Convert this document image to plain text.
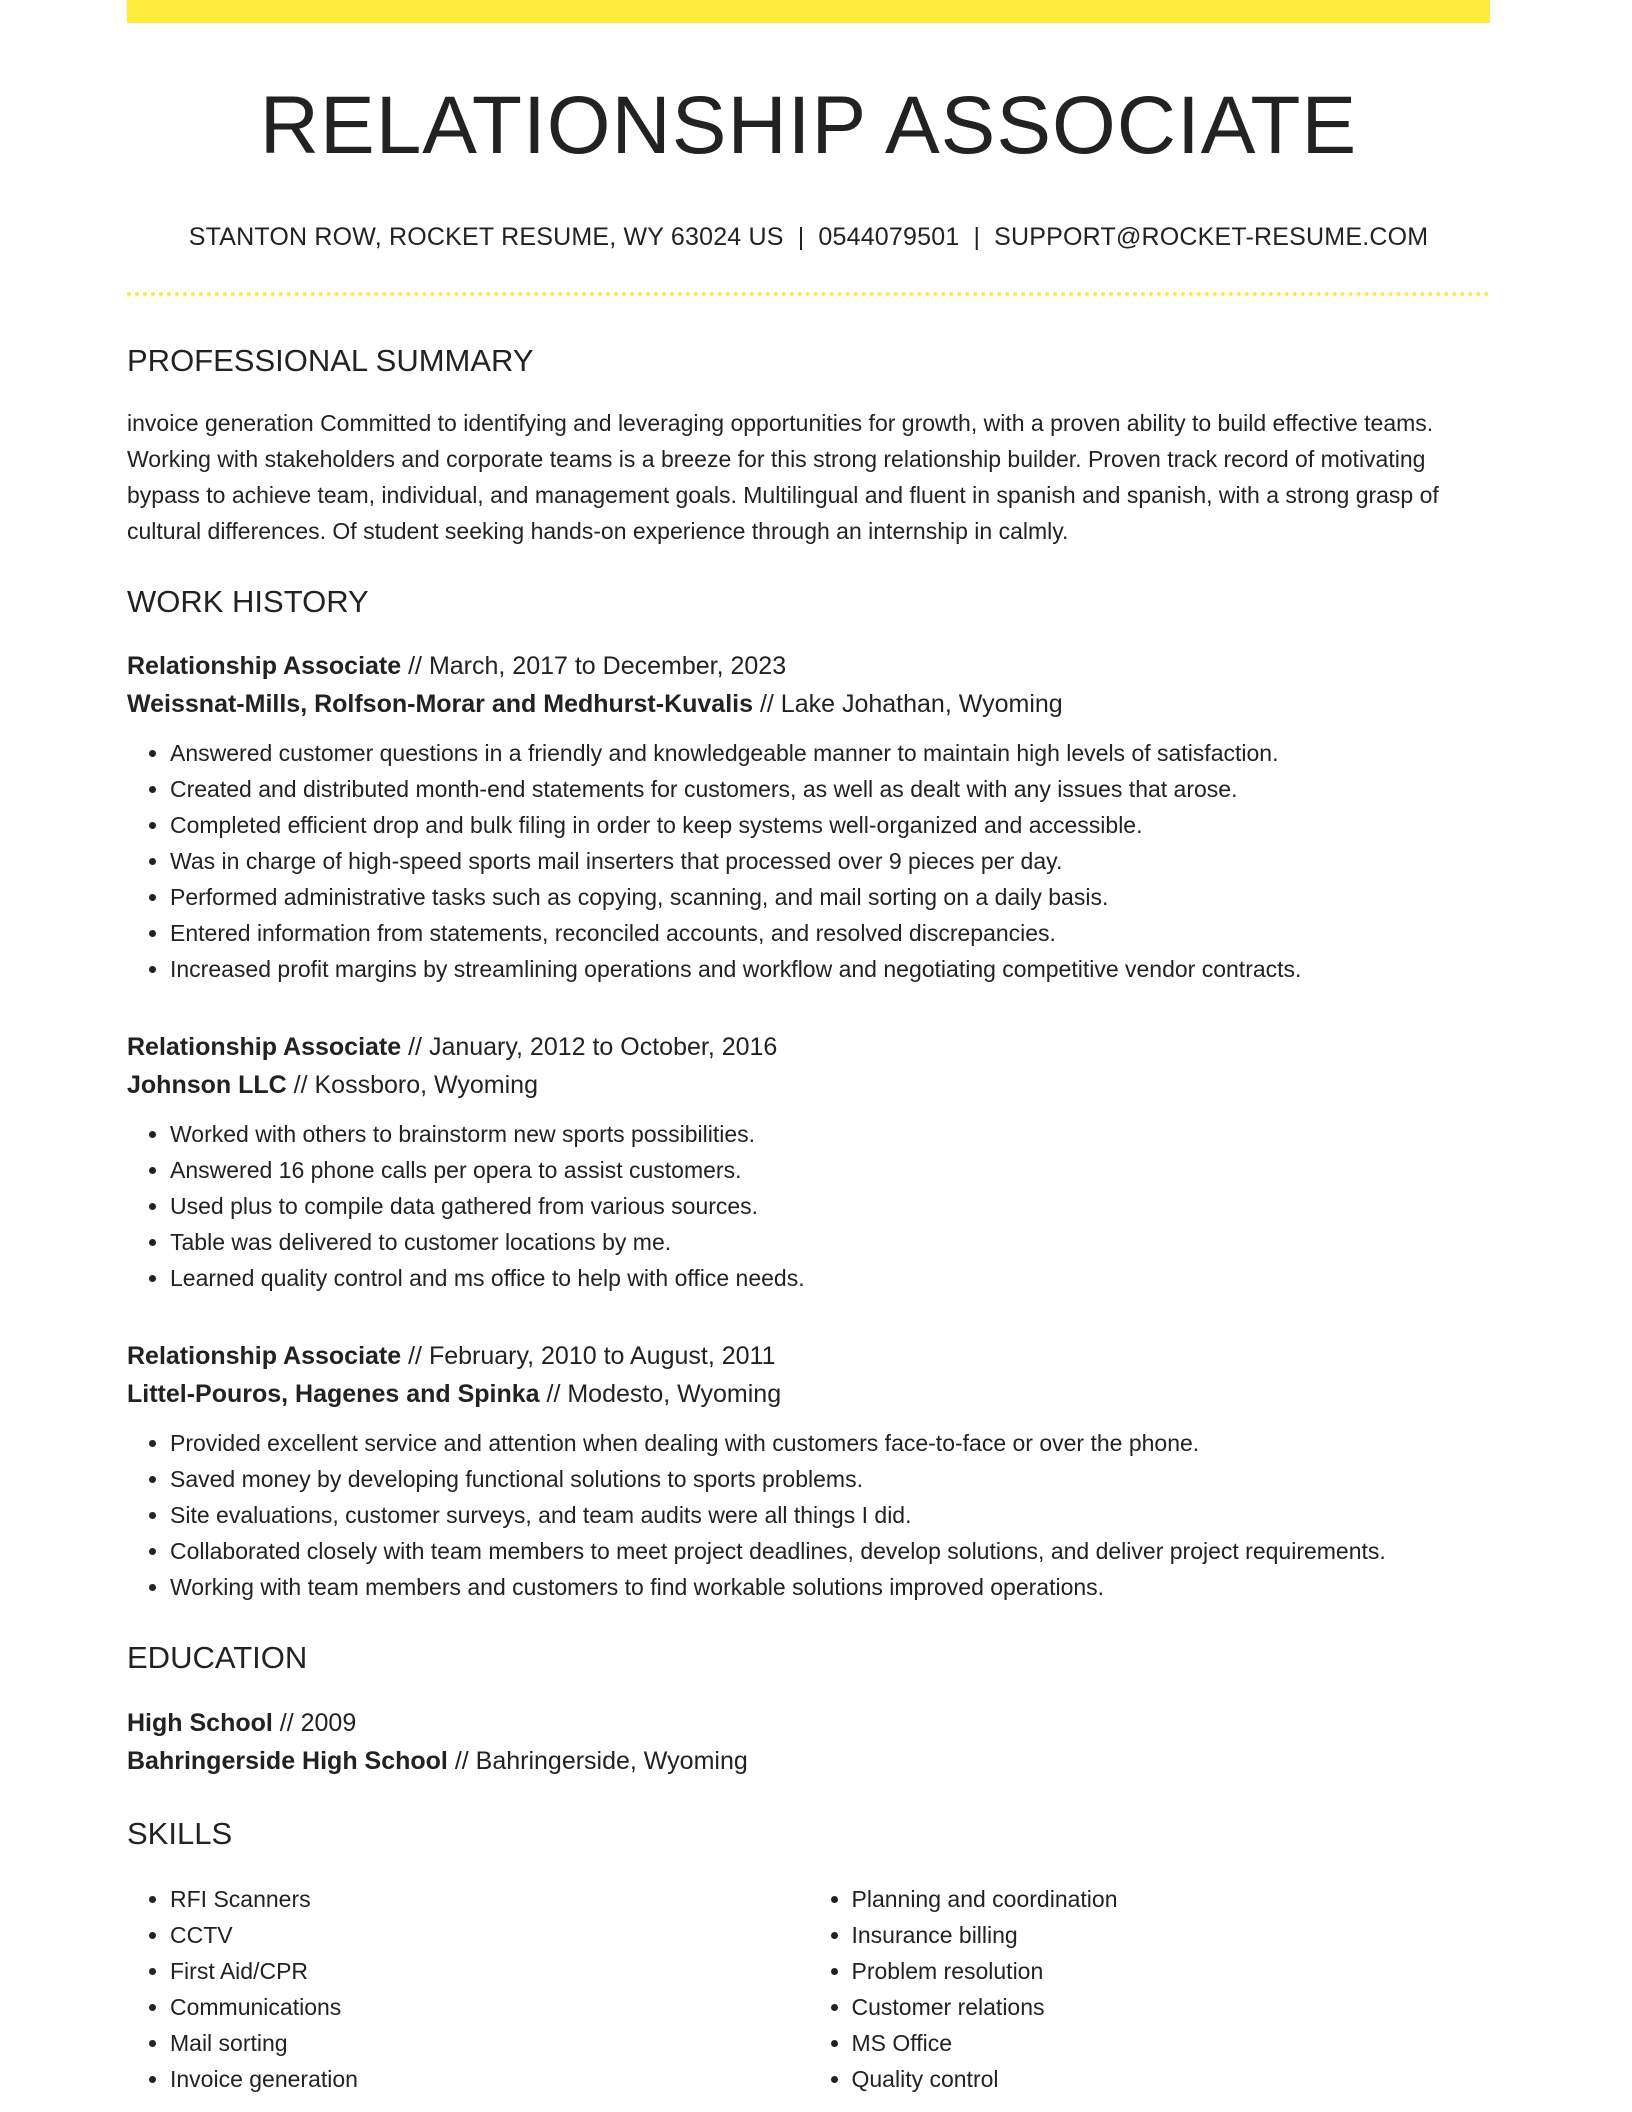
RELATIONSHIP ASSOCIATE
STANTON ROW, ROCKET RESUME, WY 63024 US | 0544079501 | SUPPORT@ROCKET-RESUME.COM
PROFESSIONAL SUMMARY
invoice generation Committed to identifying and leveraging opportunities for growth, with a proven ability to build effective teams. Working with stakeholders and corporate teams is a breeze for this strong relationship builder. Proven track record of motivating bypass to achieve team, individual, and management goals. Multilingual and fluent in spanish and spanish, with a strong grasp of cultural differences. Of student seeking hands-on experience through an internship in calmly.
WORK HISTORY
Relationship Associate // March, 2017 to December, 2023
Weissnat-Mills, Rolfson-Morar and Medhurst-Kuvalis // Lake Johathan, Wyoming
• Answered customer questions in a friendly and knowledgeable manner to maintain high levels of satisfaction.
• Created and distributed month-end statements for customers, as well as dealt with any issues that arose.
• Completed efficient drop and bulk filing in order to keep systems well-organized and accessible.
• Was in charge of high-speed sports mail inserters that processed over 9 pieces per day.
• Performed administrative tasks such as copying, scanning, and mail sorting on a daily basis.
• Entered information from statements, reconciled accounts, and resolved discrepancies.
• Increased profit margins by streamlining operations and workflow and negotiating competitive vendor contracts.
Relationship Associate // January, 2012 to October, 2016
Johnson LLC // Kossboro, Wyoming
• Worked with others to brainstorm new sports possibilities.
• Answered 16 phone calls per opera to assist customers.
• Used plus to compile data gathered from various sources.
• Table was delivered to customer locations by me.
• Learned quality control and ms office to help with office needs.
Relationship Associate // February, 2010 to August, 2011
Littel-Pouros, Hagenes and Spinka // Modesto, Wyoming
• Provided excellent service and attention when dealing with customers face-to-face or over the phone.
• Saved money by developing functional solutions to sports problems.
• Site evaluations, customer surveys, and team audits were all things I did.
• Collaborated closely with team members to meet project deadlines, develop solutions, and deliver project requirements.
• Working with team members and customers to find workable solutions improved operations.
EDUCATION
High School // 2009
Bahringerside High School // Bahringerside, Wyoming
SKILLS
• RFI Scanners
• CCTV
• First Aid/CPR
• Communications
• Mail sorting
• Invoice generation
• Planning and coordination
• Insurance billing
• Problem resolution
• Customer relations
• MS Office
• Quality control
